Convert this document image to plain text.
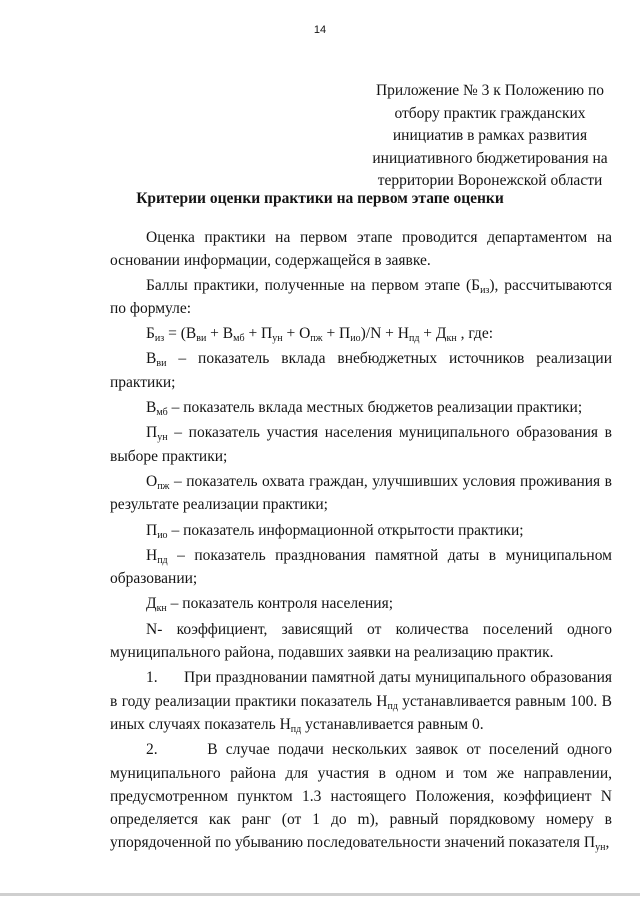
14
Приложение № 3 к Положению по
отбору практик гражданских
инициатив в рамках развития
инициативного бюджетирования на
территории Воронежской области
Критерии оценки практики на первом этапе оценки

Оценка практики на первом этапе проводится департаментом на основании информации, содержащейся в заявке.

Баллы практики, полученные на первом этапе $(Б_{из})$, рассчитываются по формуле:

$Б_{из} = (В_{ви} + В_{мб} + П_{ун} + О_{пж} + П_{ио})/N + Н_{пд} + Д_{кн}$ , где:

$В_{ви}$ – показатель вклада внебюджетных источников реализации практики;

$В_{мб}$ – показатель вклада местных бюджетов реализации практики;

$П_{ун}$ – показатель участия населения муниципального образования в выборе практики;

$О_{пж}$ – показатель охвата граждан, улучшивших условия проживания в результате реализации практики;

$П_{ио}$ – показатель информационной открытости практики;

$Н_{пд}$ – показатель празднования памятной даты в муниципальном образовании;

$Д_{кн}$ – показатель контроля населения;

N- коэффициент, зависящий от количества поселений одного муниципального района, подавших заявки на реализацию практик.

1. При праздновании памятной даты муниципального образования в году реализации практики показатель $Н_{пд}$ устанавливается равным 100. В иных случаях показатель $Н_{пд}$ устанавливается равным 0.

2.	В случае подачи нескольких заявок от поселений одного муниципального района для участия в одном и том же направлении, предусмотренном пунктом 1.3 настоящего Положения, коэффициент N определяется как ранг (от 1 до m), равный порядковому номеру в упорядоченной по убыванию последовательности значений показателя $П_{ун}$,
